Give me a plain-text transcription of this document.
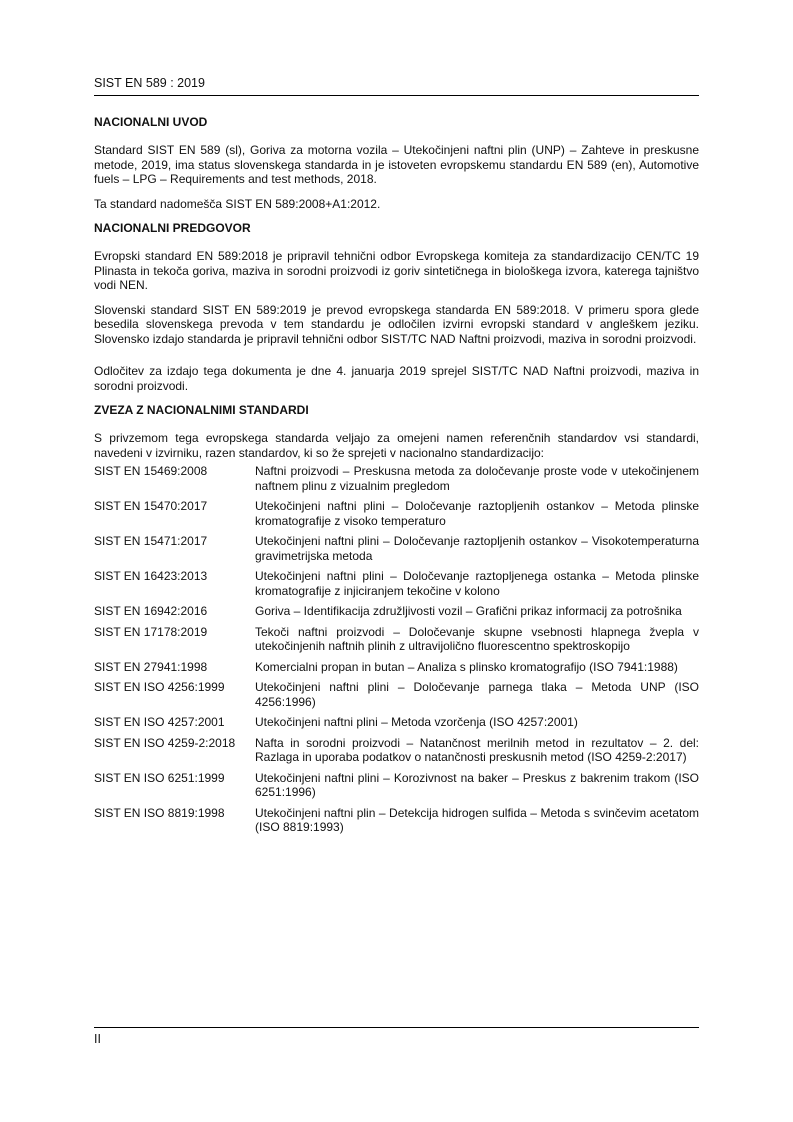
SIST EN 589 : 2019
NACIONALNI UVOD

Standard SIST EN 589 (sl), Goriva za motorna vozila – Utekočinjeni naftni plin (UNP) – Zahteve in preskusne metode, 2019, ima status slovenskega standarda in je istoveten evropskemu standardu EN 589 (en), Automotive fuels – LPG – Requirements and test methods, 2018.

Ta standard nadomešča SIST EN 589:2008+A1:2012.

NACIONALNI PREDGOVOR

Evropski standard EN 589:2018 je pripravil tehnični odbor Evropskega komiteja za standardizacijo CEN/TC 19 Plinasta in tekoča goriva, maziva in sorodni proizvodi iz goriv sintetičnega in biološkega izvora, katerega tajništvo vodi NEN.

Slovenski standard SIST EN 589:2019 je prevod evropskega standarda EN 589:2018. V primeru spora glede besedila slovenskega prevoda v tem standardu je odločilen izvirni evropski standard v angleškem jeziku. Slovensko izdajo standarda je pripravil tehnični odbor SIST/TC NAD Naftni proizvodi, maziva in sorodni proizvodi.

Odločitev za izdajo tega dokumenta je dne 4. januarja 2019 sprejel SIST/TC NAD Naftni proizvodi, maziva in sorodni proizvodi.

ZVEZA Z NACIONALNIMI STANDARDI

S privzemom tega evropskega standarda veljajo za omejeni namen referenčnih standardov vsi standardi, navedeni v izvirniku, razen standardov, ki so že sprejeti v nacionalno standardizacijo:

SIST EN 15469:2008	Naftni proizvodi – Preskusna metoda za določevanje proste vode v utekočinjenem naftnem plinu z vizualnim pregledom
SIST EN 15470:2017	Utekočinjeni naftni plini – Določevanje raztopljenih ostankov – Metoda plinske kromatografije z visoko temperaturo
SIST EN 15471:2017	Utekočinjeni naftni plini – Določevanje raztopljenih ostankov – Visokotemperaturna gravimetrijska metoda
SIST EN 16423:2013	Utekočinjeni naftni plini – Določevanje raztopljenega ostanka – Metoda plinske kromatografije z injiciranjem tekočine v kolono
SIST EN 16942:2016	Goriva – Identifikacija združljivosti vozil – Grafični prikaz informacij za potrošnika
SIST EN 17178:2019	Tekoči naftni proizvodi – Določevanje skupne vsebnosti hlapnega žvepla v utekočinjenih naftnih plinih z ultravijolično fluorescentno spektroskopijo
SIST EN 27941:1998	Komercialni propan in butan – Analiza s plinsko kromatografijo (ISO 7941:1988)
SIST EN ISO 4256:1999	Utekočinjeni naftni plini – Določevanje parnega tlaka – Metoda UNP (ISO 4256:1996)
SIST EN ISO 4257:2001	Utekočinjeni naftni plini – Metoda vzorčenja (ISO 4257:2001)
SIST EN ISO 4259-2:2018	Nafta in sorodni proizvodi – Natančnost merilnih metod in rezultatov – 2. del: Razlaga in uporaba podatkov o natančnosti preskusnih metod (ISO 4259-2:2017)
SIST EN ISO 6251:1999	Utekočinjeni naftni plini – Korozivnost na baker – Preskus z bakrenim trakom (ISO 6251:1996)
SIST EN ISO 8819:1998	Utekočinjeni naftni plin – Detekcija hidrogen sulfida – Metoda s svinčevim acetatom (ISO 8819:1993)
II
